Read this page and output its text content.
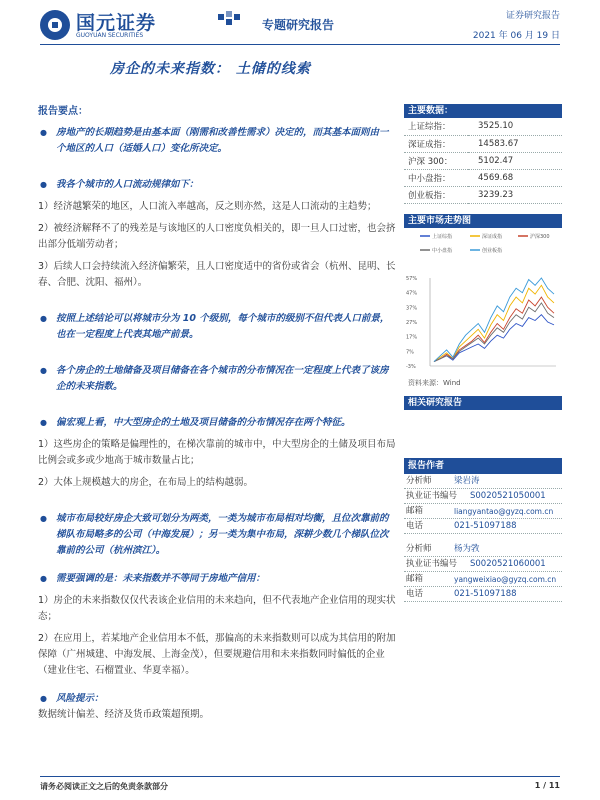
国元证券
GUOYUAN SECURITIES
专题研究报告
证券研究报告
2021 年 06 月 19 日
房企的未来指数： 土储的线索
报告要点：
● 房地产的长期趋势是由基本面（刚需和改善性需求）决定的，而其基本面则由一个地区的人口（适婚人口）变化所决定。
● 我各个城市的人口流动规律如下：
1）经济越繁荣的地区，人口流入率越高，反之则亦然，这是人口流动的主趋势；
2）被经济解释不了的残差是与该地区的人口密度负相关的，即一旦人口过密，也会挤出部分低端劳动者；
3）后续人口会持续流入经济偏繁荣，且人口密度适中的省份或省会（杭州、昆明、长春、合肥、沈阳、福州）。
● 按照上述结论可以将城市分为 10 个级别，每个城市的级别不但代表人口前景，也在一定程度上代表其地产前景。
● 各个房企的土地储备及项目储备在各个城市的分布情况在一定程度上代表了该房企的未来指数。
● 偏宏观上看，中大型房企的土地及项目储备的分布情况存在两个特征。
1）这些房企的策略是偏理性的，在梯次靠前的城市中，中大型房企的土储及项目布局比例会或多或少地高于城市数量占比；
2）大体上规模越大的房企，在布局上的结构越弱。
● 城市布局较好房企大致可划分为两类，一类为城市布局相对均衡，且位次靠前的梯队布局略多的公司（中海发展）；另一类为集中布局，深耕少数几个梯队位次靠前的公司（杭州滨江）。
● 需要强调的是：未来指数并不等同于房地产信用：
1）房企的未来指数仅仅代表该企业信用的未来趋向，但不代表地产企业信用的现实状态；
2）在应用上，若某地产企业信用本不低，那偏高的未来指数则可以成为其信用的附加保障（广州城建、中海发展、上海金茂），但要规避信用和未来指数同时偏低的企业（建业住宅、石榴置业、华夏幸福）。
● 风险提示：
数据统计偏差、经济及货币政策超预期。
主要数据：
上证综指：	3525.10
深证成指：	14583.67
沪深 300：	5102.47
中小盘指：	4569.68
创业板指：	3239.23
主要市场走势图
上证综指	深证成指	沪深300
中小盘指	创业板指
57%
47%
37%
27%
17%
7%
-3%
资料来源：Wind
相关研究报告
报告作者
分析师	梁岩涛
执业证书编号	S0020521050001
邮箱	liangyantao@gyzq.com.cn
电话	021-51097188
分析师	杨为敩
执业证书编号	S0020521060001
邮箱	yangweixiao@gyzq.com.cn
电话	021-51097188
请务必阅读正文之后的免责条款部分	1 / 11
